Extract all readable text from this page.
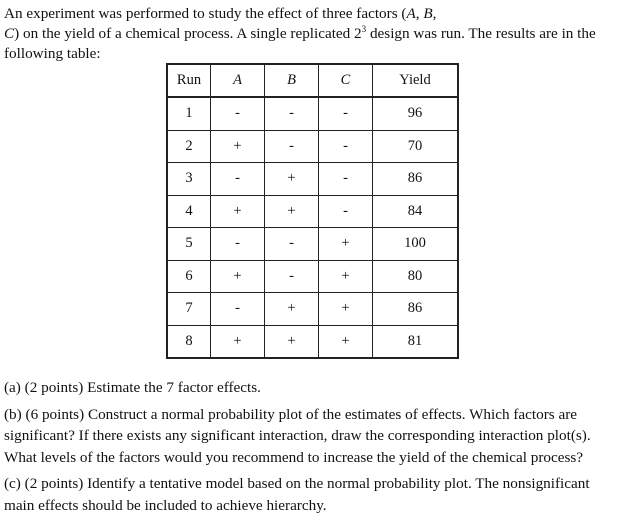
An experiment was performed to study the effect of three factors (A, B,
C) on the yield of a chemical process. A single replicated $2^3$ design was run. The results are in the following table:

Run	A	B	C	Yield
1	-	-	-	96
2	+	-	-	70
3	-	+	-	86
4	+	+	-	84
5	-	-	+	100
6	+	-	+	80
7	-	+	+	86
8	+	+	+	81

(a) (2 points) Estimate the 7 factor effects.

(b) (6 points) Construct a normal probability plot of the estimates of effects. Which factors are significant? If there exists any significant interaction, draw the corresponding interaction plot(s). What levels of the factors would you recommend to increase the yield of the chemical process?

(c) (2 points) Identify a tentative model based on the normal probability plot. The nonsignificant main effects should be included to achieve hierarchy.
